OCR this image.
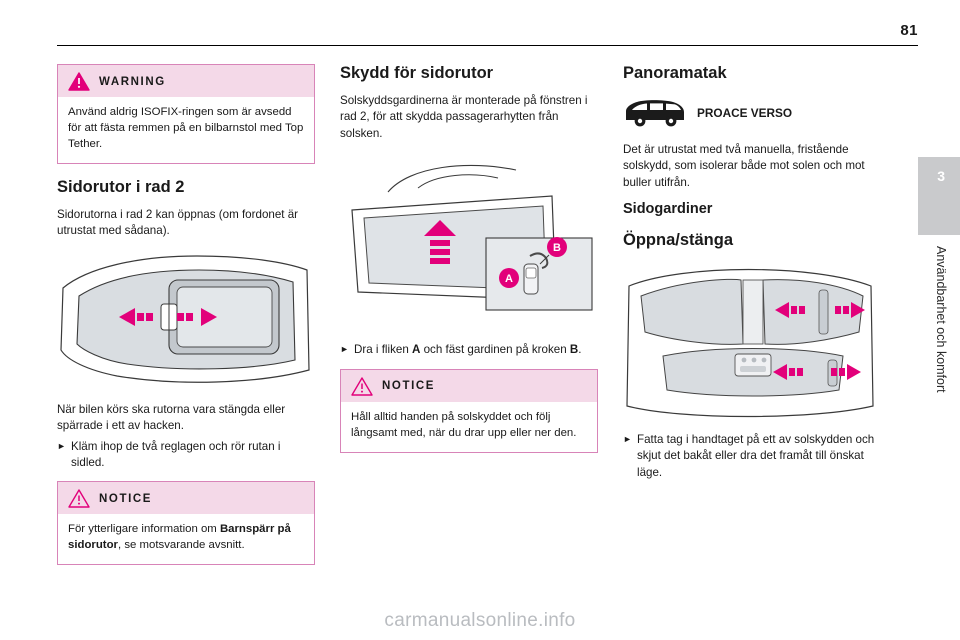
81
3
Användbarhet och komfort
WARNING

Använd aldrig ISOFIX-ringen som är avsedd för att fästa remmen på en bilbarnstol med Top Tether.

Sidorutor i rad 2

Sidorutorna i rad 2 kan öppnas (om fordonet är utrustat med sådana).

När bilen körs ska rutorna vara stängda eller spärrade i ett av hacken.

► Kläm ihop de två reglagen och rör rutan i sidled.
NOTICE

För ytterligare information om Barnspärr på sidorutor, se motsvarande avsnitt.

Skydd för sidorutor

Solskyddsgardinerna är monterade på fönstren i rad 2, för att skydda passagerarhytten från solsken.

A
B
► Dra i fliken A och fäst gardinen på kroken B.
NOTICE

Håll alltid handen på solskyddet och följ långsamt med, när du drar upp eller ner den.

Panoramatak
PROACE VERSO

Det är utrustat med två manuella, fristående solskydd, som isolerar både mot solen och mot buller utifrån.

Sidogardiner
Öppna/stänga
► Fatta tag i handtaget på ett av solskydden och skjut det bakåt eller dra det framåt till önskat läge.
carmanualsonline.info
